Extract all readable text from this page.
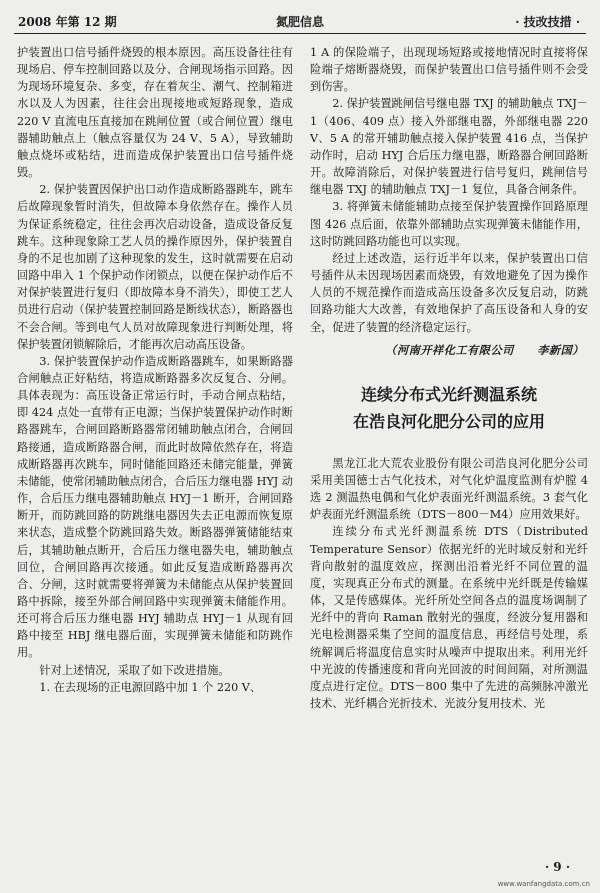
2008 年第 12 期	氮肥信息	· 技改技措 ·

护装置出口信号插件烧毁的根本原因。高压设备往往有现场启、停车控制回路以及分、合闸现场指示回路。因为现场环境复杂、多变，存在着灰尘、潮气、控制箱进水以及人为因素，往往会出现接地或短路现象，造成 220 V 直流电压直接加在跳闸位置（或合闸位置）继电器辅助触点上（触点容量仅为 24 V、5 A），导致辅助触点烧坏或粘结，进而造成保护装置出口信号插件烧毁。

2. 保护装置因保护出口动作造成断路器跳车，跳车后故障现象暂时消失，但故障本身依然存在。操作人员为保证系统稳定，往往会再次启动设备，造成设备反复跳车。这种现象除工艺人员的操作原因外，保护装置自身的不足也加剧了这种现象的发生，这时就需要在启动回路中串入 1 个保护动作闭锁点，以便在保护动作后不对保护装置进行复归（即故障本身不消失），即使工艺人员进行启动（保护装置控制回路是断线状态），断路器也不会合闸。等到电气人员对故障现象进行判断处理，将保护装置闭锁解除后，才能再次启动高压设备。

3. 保护装置保护动作造成断路器跳车，如果断路器合闸触点正好粘结，将造成断路器多次反复合、分闸。具体表现为：高压设备正常运行时，手动合闸点粘结，即 424 点处一直带有正电源；当保护装置保护动作时断路器跳车，合闸回路断路器常闭辅助触点闭合，合闸回路接通，造成断路器合闸，而此时故障依然存在，将造成断路器再次跳车，同时储能回路还未储完能量，弹簧未储能，使常闭辅助触点闭合，合后压力继电器 HYJ 动作，合后压力继电器辅助触点 HYJ－1 断开，合闸回路断开，而防跳回路的防跳继电器因失去正电源而恢复原来状态，造成整个防跳回路失效。断路器弹簧储能结束后，其辅助触点断开，合后压力继电器失电，辅助触点回位，合闸回路再次接通。如此反复造成断路器再次合、分闸，这时就需要将弹簧为未储能点从保护装置回路中拆除，接至外部合闸回路中实现弹簧未储能作用。还可将合后压力继电器 HYJ 辅助点 HYJ－1 从现有回路中接至 HBJ 继电器后面，实现弹簧未储能和防跳作用。

针对上述情况，采取了如下改进措施。

1. 在去现场的正电源回路中加 1 个 220 V、

1 A 的保险端子，出现现场短路或接地情况时直接将保险端子熔断器烧毁，而保护装置出口信号插件则不会受到伤害。

2. 保护装置跳闸信号继电器 TXJ 的辅助触点 TXJ－1（406、409 点）接入外部继电器，外部继电器 220 V、5 A 的常开辅助触点接入保护装置 416 点，当保护动作时，启动 HYJ 合后压力继电器，断路器合闸回路断开。故障消除后，对保护装置进行信号复归，跳闸信号继电器 TXJ 的辅助触点 TXJ－1 复位，具备合闸条件。

3. 将弹簧未储能辅助点接至保护装置操作回路原理图 426 点后面，依靠外部辅助点实现弹簧未储能作用，这时防跳回路功能也可以实现。

经过上述改造，运行近半年以来，保护装置出口信号插件从未因现场因素而烧毁，有效地避免了因为操作人员的不规范操作而造成高压设备多次反复启动，防跳回路功能大大改善，有效地保护了高压设备和人身的安全，促进了装置的经济稳定运行。

（河南开祥化工有限公司　　李新国）

连续分布式光纤测温系统
在浩良河化肥分公司的应用

黑龙江北大荒农业股份有限公司浩良河化肥分公司采用美国德士古气化技术，对气化炉温度监测有炉膛 4 选 2 测温热电偶和气化炉表面光纤测温系统。3 套气化炉表面光纤测温系统（DTS－800－M4）应用效果好。

连续分布式光纤测温系统 DTS（Distributed Temperature Sensor）依据光纤的光时域反射和光纤背向散射的温度效应，探测出沿着光纤不同位置的温度，实现真正分布式的测量。在系统中光纤既是传输媒体，又是传感媒体。光纤所处空间各点的温度场调制了光纤中的背向 Raman 散射光的强度，经波分复用器和光电检测器采集了空间的温度信息，再经信号处理，系统解调后将温度信息实时从噪声中提取出来。利用光纤中光波的传播速度和背向光回波的时间间隔，对所测温度点进行定位。DTS－800 集中了先进的高频脉冲激光技术、光纤耦合光折技术、光波分复用技术、光

· 9 ·
www.wanfangdata.com.cn
